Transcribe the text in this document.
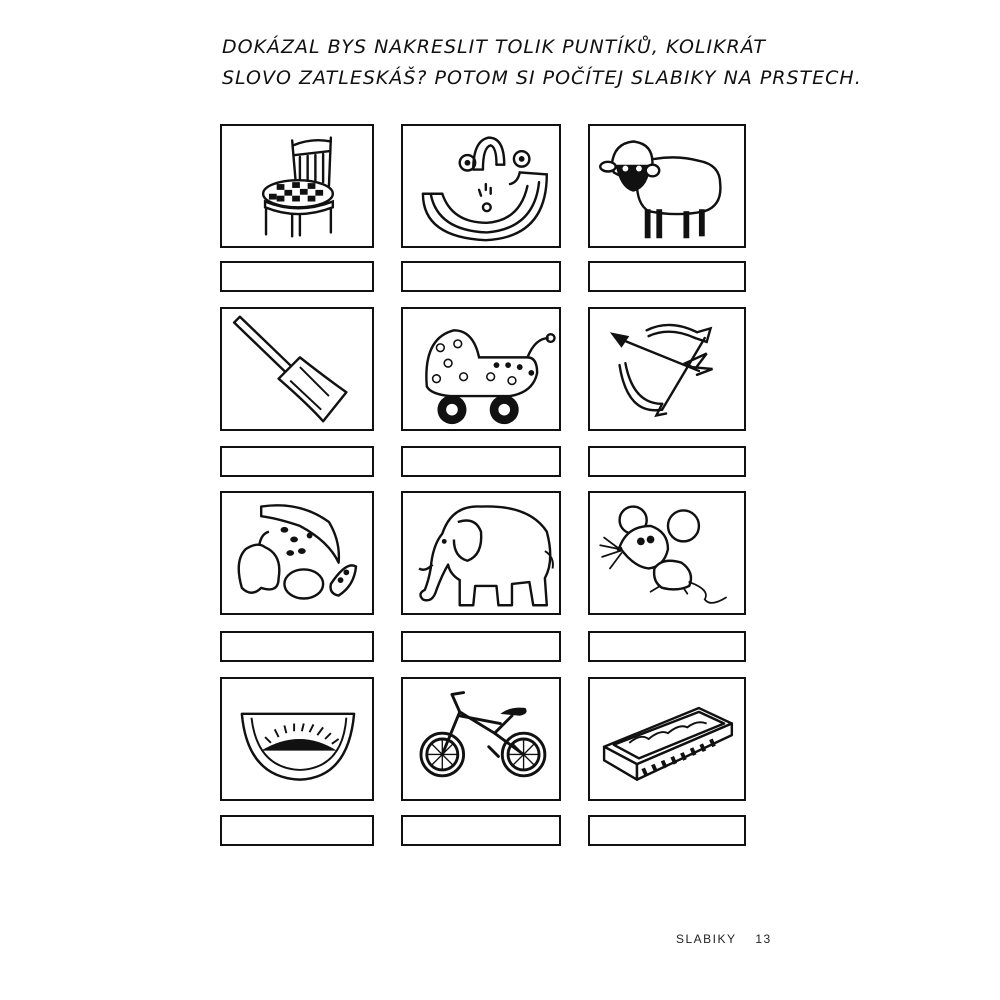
DOKÁZAL BYS NAKRESLIT TOLIK PUNTÍKŮ, KOLIKRÁT
SLOVO ZATLESKÁŠ? POTOM SI POČÍTEJ SLABIKY NA PRSTECH.
SLABIKY 13
